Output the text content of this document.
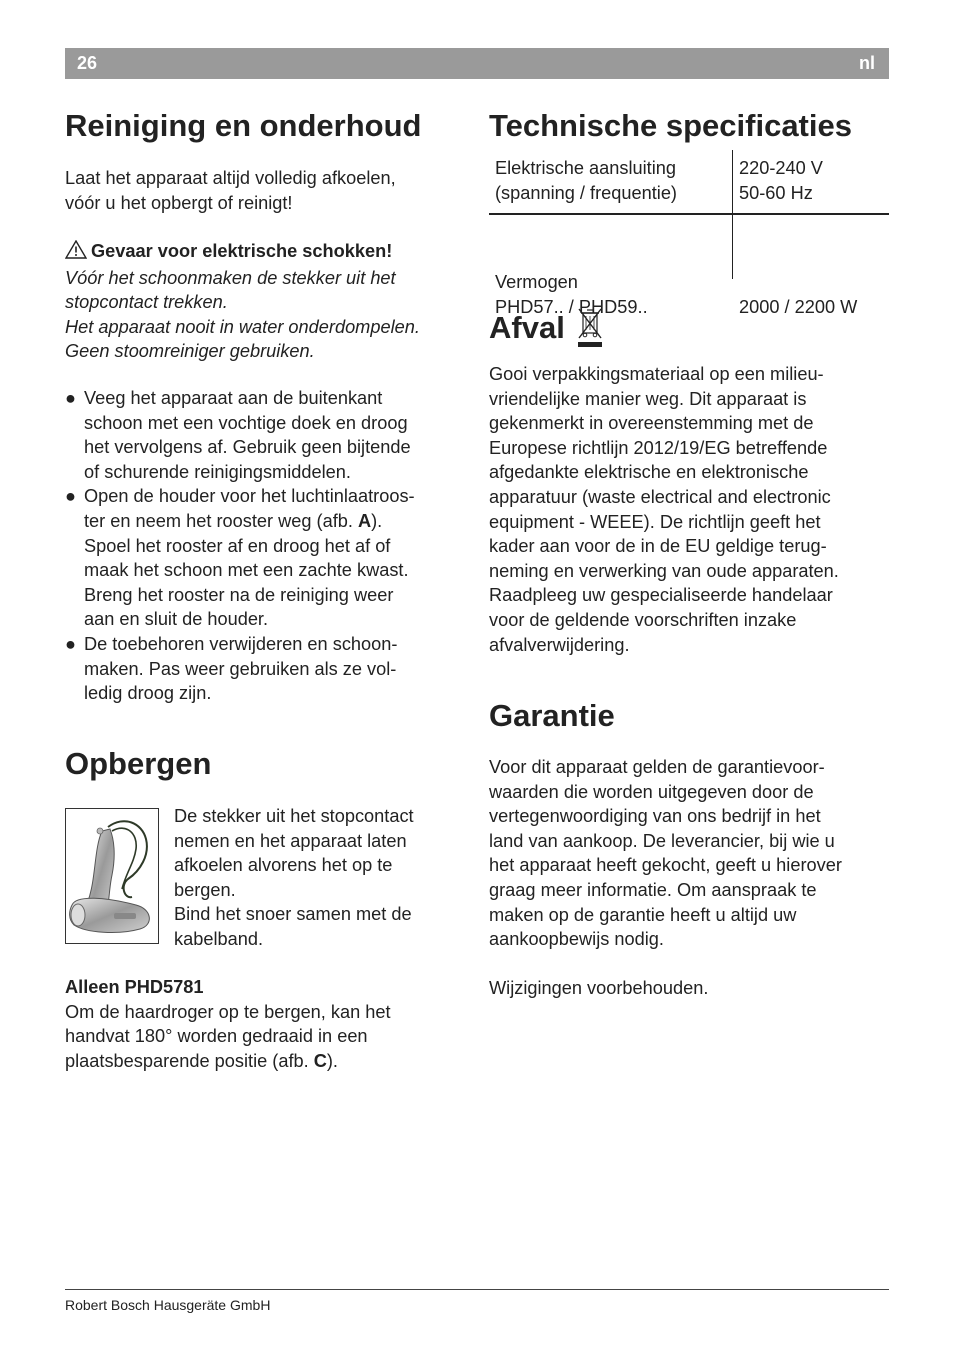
26	nl
Reiniging en onderhoud
Laat het apparaat altijd volledig afkoelen,
vóór u het opbergt of reinigt!
Gevaar voor elektrische schokken!
Vóór het schoonmaken de stekker uit het
stopcontact trekken.
Het apparaat nooit in water onderdompelen.
Geen stoomreiniger gebruiken.
● Veeg het apparaat aan de buitenkant
schoon met een vochtige doek en droog
het vervolgens af. Gebruik geen bijtende
of schurende reinigingsmiddelen.
● Open de houder voor het luchtinlaatroos-
ter en neem het rooster weg (afb. A).
Spoel het rooster af en droog het af of
maak het schoon met een zachte kwast.
Breng het rooster na de reiniging weer
aan en sluit de houder.
● De toebehoren verwijderen en schoon-
maken. Pas weer gebruiken als ze vol-
ledig droog zijn.
Opbergen
De stekker uit het stopcontact
nemen en het apparaat laten
afkoelen alvorens het op te
bergen.
Bind het snoer samen met de
kabelband.
Alleen PHD5781
Om de haardroger op te bergen, kan het
handvat 180° worden gedraaid in een
plaatsbesparende positie (afb. C).
Technische specificaties
Elektrische aansluiting
(spanning / frequentie)
220-240 V
50-60 Hz
Vermogen
PHD57.. / PHD59..	2000 / 2200 W
Afval
Gooi verpakkingsmateriaal op een milieu-
vriendelijke manier weg. Dit apparaat is
gekenmerkt in overeenstemming met de
Europese richtlijn 2012/19/EG betreffende
afgedankte elektrische en elektronische
apparatuur (waste electrical and electronic
equipment - WEEE). De richtlijn geeft het
kader aan voor de in de EU geldige terug-
neming en verwerking van oude apparaten.
Raadpleeg uw gespecialiseerde handelaar
voor de geldende voorschriften inzake
afvalverwijdering.
Garantie
Voor dit apparaat gelden de garantievoor-
waarden die worden uitgegeven door de
vertegenwoordiging van ons bedrijf in het
land van aankoop. De leverancier, bij wie u
het apparaat heeft gekocht, geeft u hierover
graag meer informatie. Om aanspraak te
maken op de garantie heeft u altijd uw
aankoopbewijs nodig.
Wijzigingen voorbehouden.
Robert Bosch Hausgeräte GmbH
